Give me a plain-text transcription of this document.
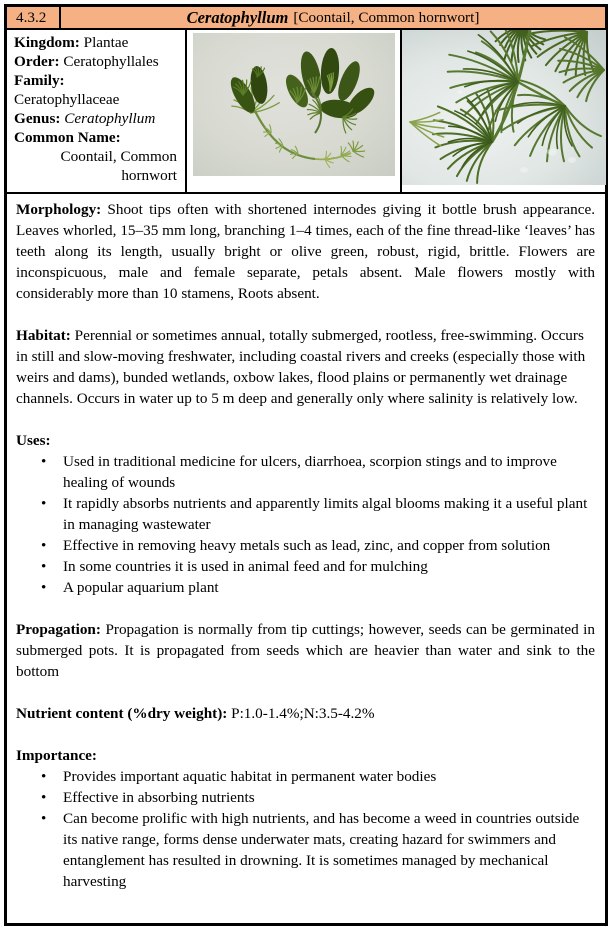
4.3.2	Ceratophyllum [Coontail, Common hornwort]
Kingdom: Plantae
Order: Ceratophyllales
Family:
Ceratophyllaceae
Genus: Ceratophyllum
Common Name:
Coontail, Common
hornwort

Morphology: Shoot tips often with shortened internodes giving it bottle brush appearance. Leaves whorled, 15–35 mm long, branching 1–4 times, each of the fine thread-like ‘leaves’ has teeth along its length, usually bright or olive green, robust, rigid, brittle. Flowers are inconspicuous, male and female separate, petals absent. Male flowers mostly with considerably more than 10 stamens, Roots absent.

Habitat: Perennial or sometimes annual, totally submerged, rootless, free-swimming. Occurs in still and slow-moving freshwater, including coastal rivers and creeks (especially those with weirs and dams), bunded wetlands, oxbow lakes, flood plains or permanently wet drainage channels. Occurs in water up to 5 m deep and generally only where salinity is relatively low.

Uses:

• Used in traditional medicine for ulcers, diarrhoea, scorpion stings and to improve healing of wounds
• It rapidly absorbs nutrients and apparently limits algal blooms making it a useful plant in managing wastewater
• Effective in removing heavy metals such as lead, zinc, and copper from solution
• In some countries it is used in animal feed and for mulching
• A popular aquarium plant

Propagation: Propagation is normally from tip cuttings; however, seeds can be germinated in submerged pots. It is propagated from seeds which are heavier than water and sink to the bottom

Nutrient content (%dry weight): P:1.0-1.4%;N:3.5-4.2%

Importance:

• Provides important aquatic habitat in permanent water bodies
• Effective in absorbing nutrients
• Can become prolific with high nutrients, and has become a weed in countries outside its native range, forms dense underwater mats, creating hazard for swimmers and entanglement has resulted in drowning. It is sometimes managed by mechanical harvesting
